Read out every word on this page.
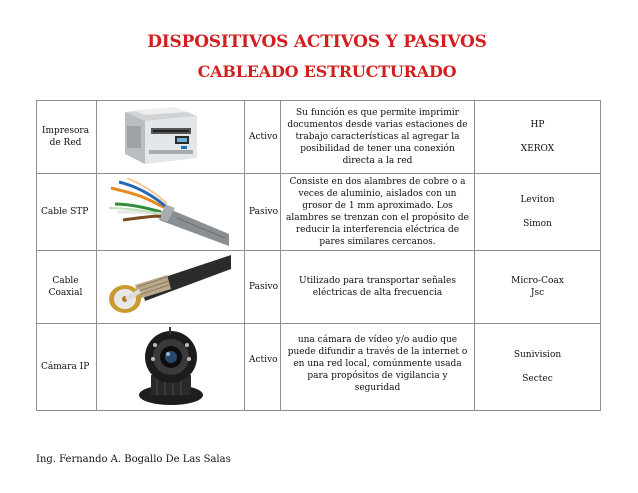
DISPOSITIVOS ACTIVOS Y PASIVOS
CABLEADO ESTRUCTURADO
Impresora
de Red		Activo	Su función es que permite imprimir documentos desde varias estaciones de trabajo características al agregar la posibilidad de tener una conexión directa a la red	HP
XEROX

Cable STP		Pasivo	Consiste en dos alambres de cobre o a veces de aluminio, aislados con un grosor de 1 mm aproximado. Los alambres se trenzan con el propósito de reducir la interferencia eléctrica de pares similares cercanos.	Leviton
Simon

Cable
Coaxial		Pasivo	Utilizado para transportar señales eléctricas de alta frecuencia	Micro-Coax
Jsc

Cámara IP		Activo	una cámara de vídeo y/o audio que puede difundir a través de la internet o en una red local, comúnmente usada para propósitos de vigilancia y seguridad	Sunivision
Sectec
Ing. Fernando A. Bogallo De Las Salas
